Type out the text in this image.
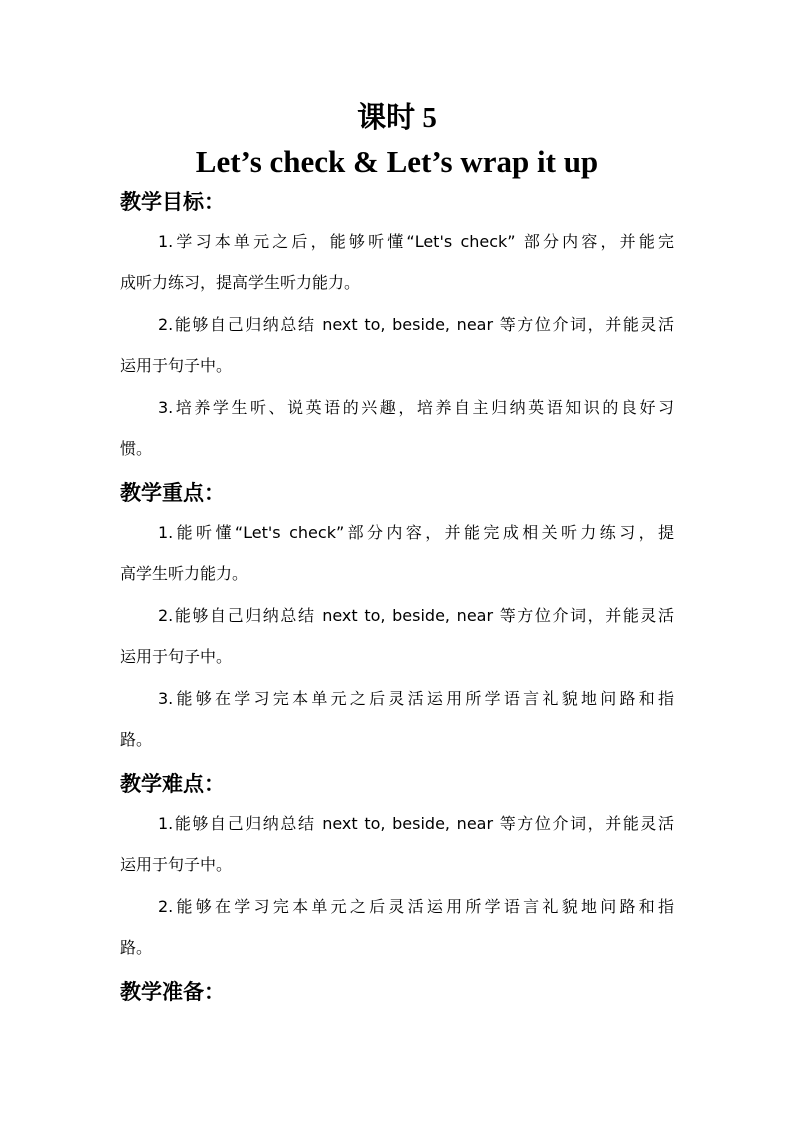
课时 5
Let’s check & Let’s wrap it up
教学目标：
1.学习本单元之后，能够听懂“Let's check” 部分内容，并能完
成听力练习，提高学生听力能力。
2.能够自己归纳总结 next to, beside, near 等方位介词，并能灵活
运用于句子中。
3.培养学生听、说英语的兴趣，培养自主归纳英语知识的良好习
惯。
教学重点：
1.能听懂“Let's check”部分内容，并能完成相关听力练习，提
高学生听力能力。
2.能够自己归纳总结 next to, beside, near 等方位介词，并能灵活
运用于句子中。
3.能够在学习完本单元之后灵活运用所学语言礼貌地问路和指
路。
教学难点：
1.能够自己归纳总结 next to, beside, near 等方位介词，并能灵活
运用于句子中。
2.能够在学习完本单元之后灵活运用所学语言礼貌地问路和指
路。
教学准备：
